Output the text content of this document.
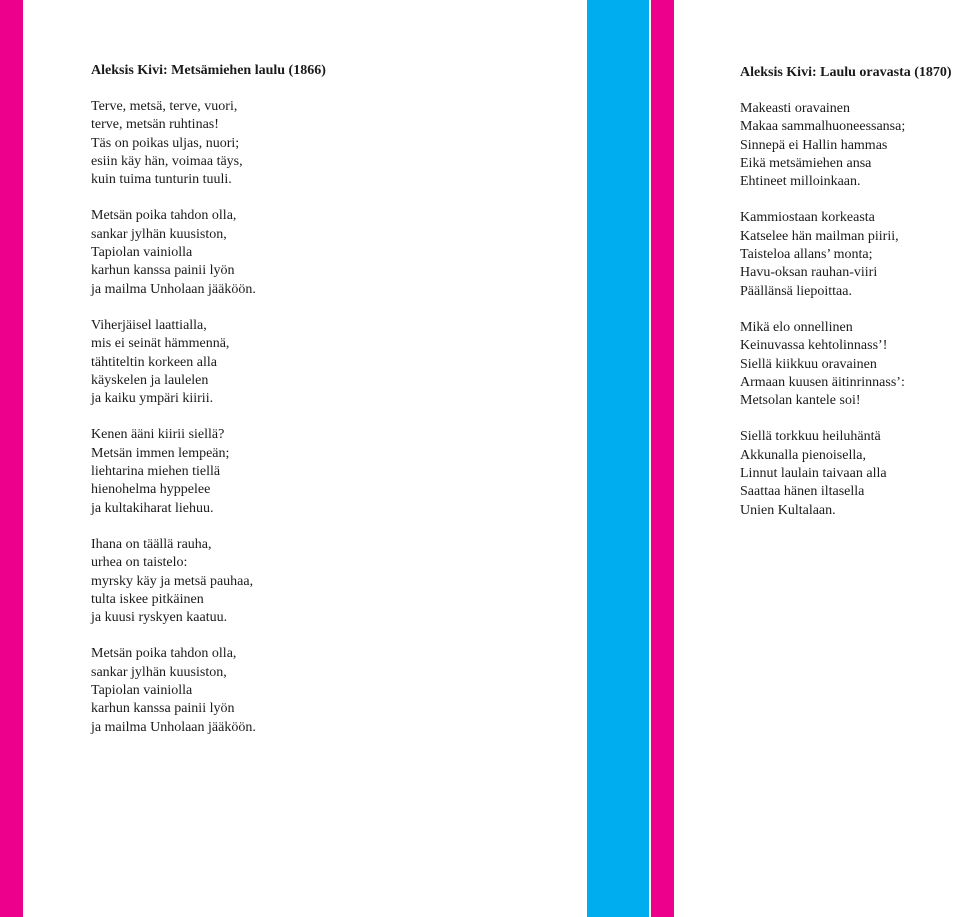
Aleksis Kivi: Metsämiehen laulu (1866)
Terve, metsä, terve, vuori,
terve, metsän ruhtinas!
Täs on poikas uljas, nuori;
esiin käy hän, voimaa täys,
kuin tuima tunturin tuuli.
Metsän poika tahdon olla,
sankar jylhän kuusiston,
Tapiolan vainiolla
karhun kanssa painii lyön
ja mailma Unholaan jääköön.
Viherjäisel laattialla,
mis ei seinät hämmennä,
tähtiteltin korkeen alla
käyskelen ja laulelen
ja kaiku ympäri kiirii.
Kenen ääni kiirii siellä?
Metsän immen lempeän;
liehtarina miehen tiellä
hienohelma hyppelee
ja kultakiharat liehuu.
Ihana on täällä rauha,
urhea on taistelo:
myrsky käy ja metsä pauhaa,
tulta iskee pitkäinen
ja kuusi ryskyen kaatuu.
Metsän poika tahdon olla,
sankar jylhän kuusiston,
Tapiolan vainiolla
karhun kanssa painii lyön
ja mailma Unholaan jääköön.
Aleksis Kivi: Laulu oravasta (1870)
Makeasti oravainen
Makaa sammalhuoneessansa;
Sinnepä ei Hallin hammas
Eikä metsämiehen ansa
Ehtineet milloinkaan.
Kammiostaan korkeasta
Katselee hän mailman piirii,
Taisteloa allans’ monta;
Havu-oksan rauhan-viiri
Päällänsä liepoittaa.
Mikä elo onnellinen
Keinuvassa kehtolinnass’!
Siellä kiikkuu oravainen
Armaan kuusen äitinrinnass’:
Metsolan kantele soi!
Siellä torkkuu heiluhäntä
Akkunalla pienoisella,
Linnut laulain taivaan alla
Saattaa hänen iltasella
Unien Kultalaan.
